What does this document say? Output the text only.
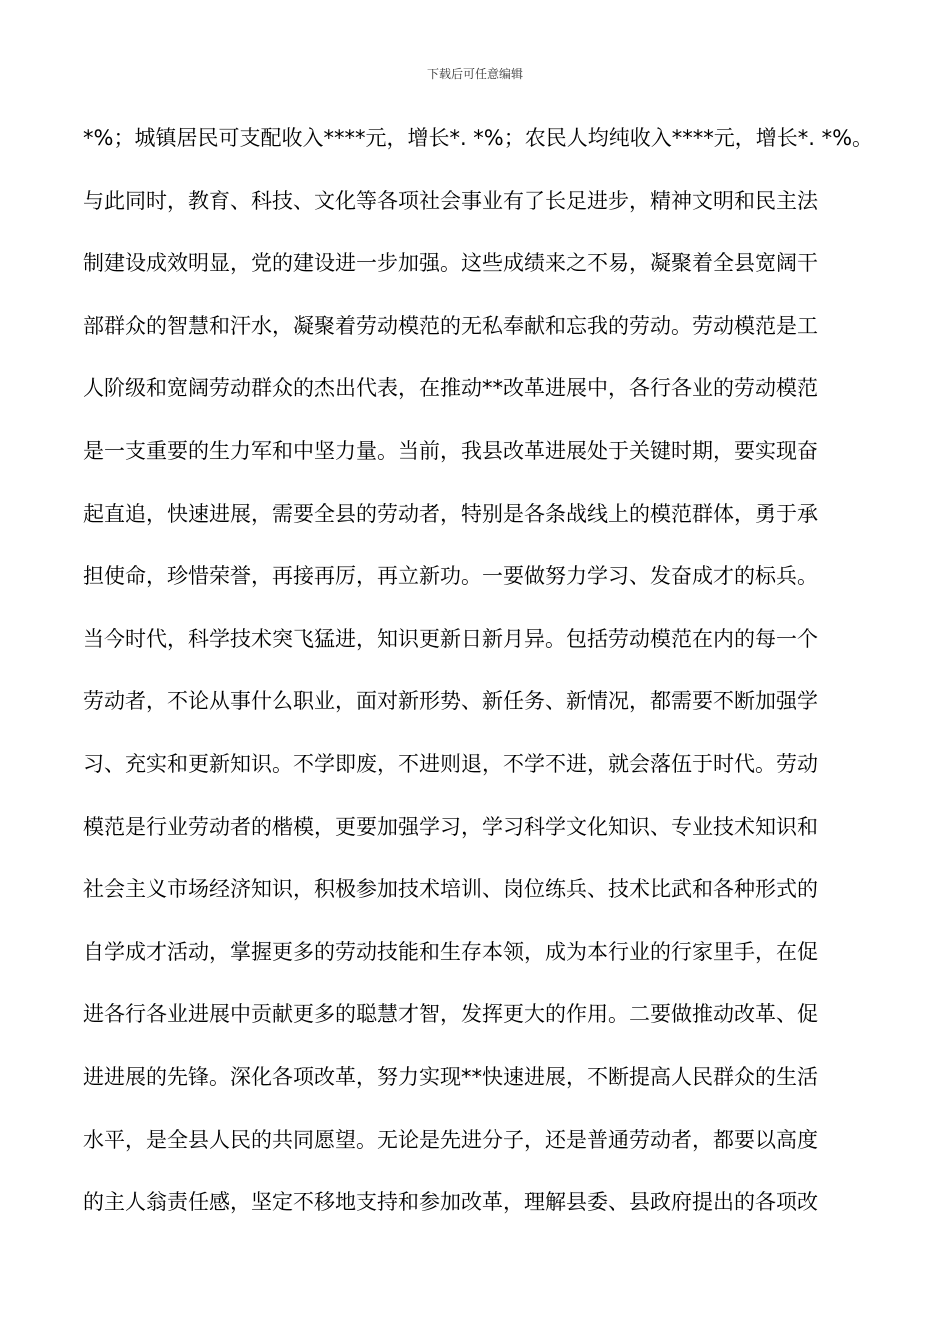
下载后可任意编辑
*%；城镇居民可支配收入****元，增长*. *%；农民人均纯收入****元，增长*. *%。
与此同时，教育、科技、文化等各项社会事业有了长足进步，精神文明和民主法
制建设成效明显，党的建设进一步加强。这些成绩来之不易，凝聚着全县宽阔干
部群众的智慧和汗水，凝聚着劳动模范的无私奉献和忘我的劳动。劳动模范是工
人阶级和宽阔劳动群众的杰出代表，在推动**改革进展中，各行各业的劳动模范
是一支重要的生力军和中坚力量。当前，我县改革进展处于关键时期，要实现奋
起直追，快速进展，需要全县的劳动者，特别是各条战线上的模范群体，勇于承
担使命，珍惜荣誉，再接再厉，再立新功。一要做努力学习、发奋成才的标兵。
当今时代，科学技术突飞猛进，知识更新日新月异。包括劳动模范在内的每一个
劳动者，不论从事什么职业，面对新形势、新任务、新情况，都需要不断加强学
习、充实和更新知识。不学即废，不进则退，不学不进，就会落伍于时代。劳动
模范是行业劳动者的楷模，更要加强学习，学习科学文化知识、专业技术知识和
社会主义市场经济知识，积极参加技术培训、岗位练兵、技术比武和各种形式的
自学成才活动，掌握更多的劳动技能和生存本领，成为本行业的行家里手，在促
进各行各业进展中贡献更多的聪慧才智，发挥更大的作用。二要做推动改革、促
进进展的先锋。深化各项改革，努力实现**快速进展，不断提高人民群众的生活
水平，是全县人民的共同愿望。无论是先进分子，还是普通劳动者，都要以高度
的主人翁责任感，坚定不移地支持和参加改革，理解县委、县政府提出的各项改
